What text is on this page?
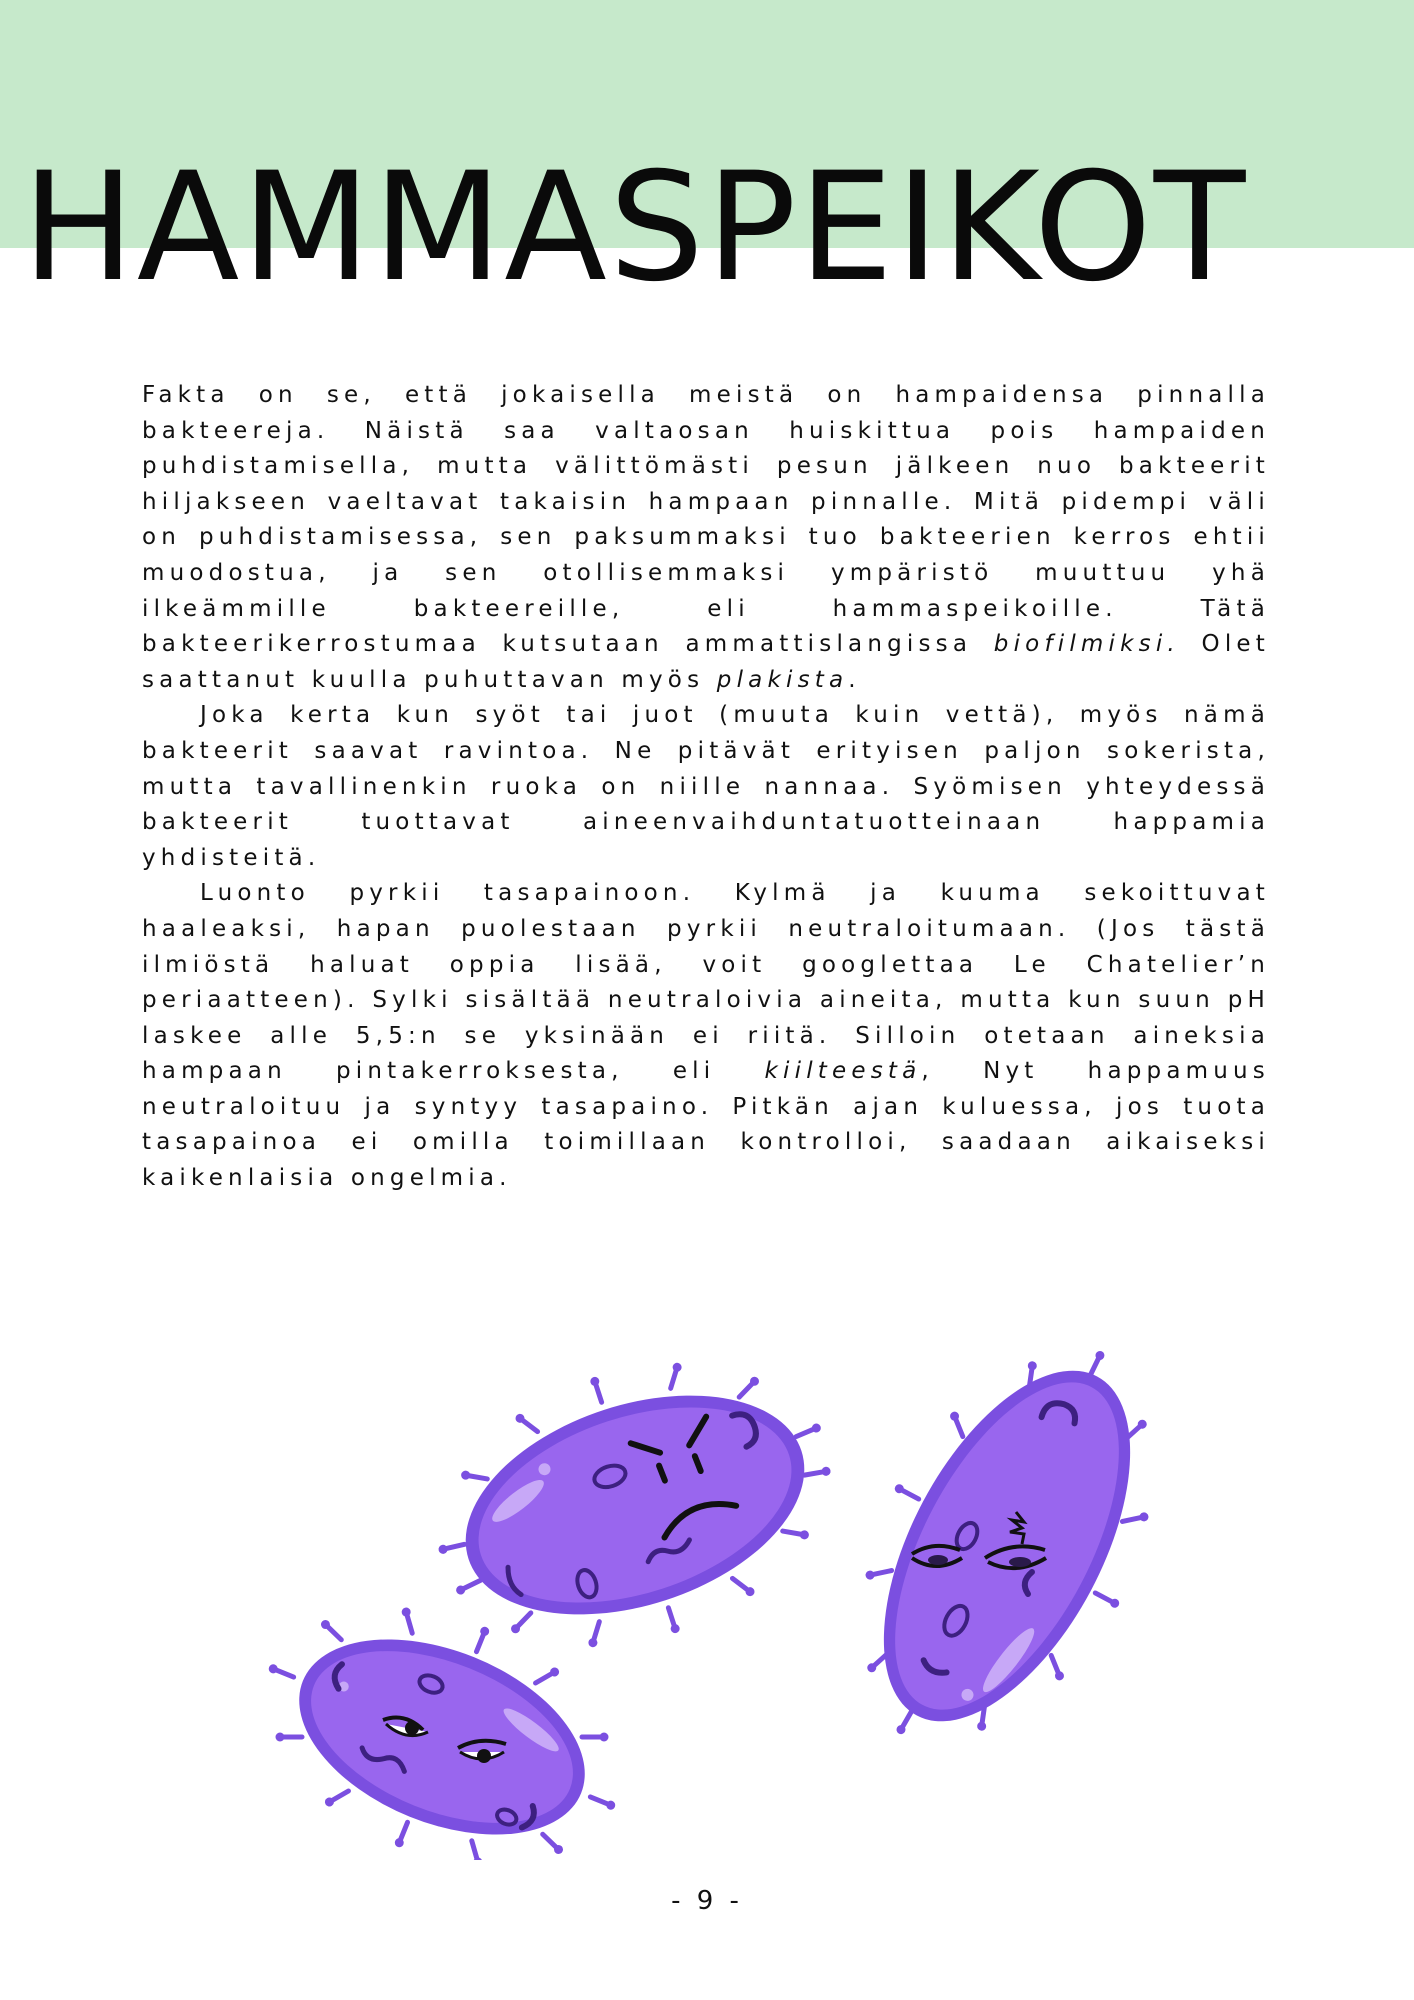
HAMMASPEIKOT

Fakta on se, että jokaisella meistä on hampaidensa pinnalla bakteereja. Näistä saa valtaosan huiskittua pois hampaiden puhdistamisella, mutta välittömästi pesun jälkeen nuo bakteerit hiljakseen vaeltavat takaisin hampaan pinnalle. Mitä pidempi väli on puhdistamisessa, sen paksummaksi tuo bakteerien kerros ehtii muodostua, ja sen otollisemmaksi ympäristö muuttuu yhä ilkeämmille bakteereille, eli hammaspeikoille. Tätä bakteerikerrostumaa kutsutaan ammattislangissa biofilmiksi. Olet saattanut kuulla puhuttavan myös plakista.

Joka kerta kun syöt tai juot (muuta kuin vettä), myös nämä bakteerit saavat ravintoa. Ne pitävät erityisen paljon sokerista, mutta tavallinenkin ruoka on niille nannaa. Syömisen yhteydessä bakteerit tuottavat aineenvaihduntatuotteinaan happamia yhdisteitä.

Luonto pyrkii tasapainoon. Kylmä ja kuuma sekoittuvat haaleaksi, hapan puolestaan pyrkii neutraloitumaan. (Jos tästä ilmiöstä haluat oppia lisää, voit googlettaa Le Chatelier’n periaatteen). Sylki sisältää neutraloivia aineita, mutta kun suun pH laskee alle 5,5:n se yksinään ei riitä. Silloin otetaan aineksia hampaan pintakerroksesta, eli kiilteestä, Nyt happamuus neutraloituu ja syntyy tasapaino. Pitkän ajan kuluessa, jos tuota tasapainoa ei omilla toimillaan kontrolloi, saadaan aikaiseksi kaikenlaisia ongelmia.

- 9 -
